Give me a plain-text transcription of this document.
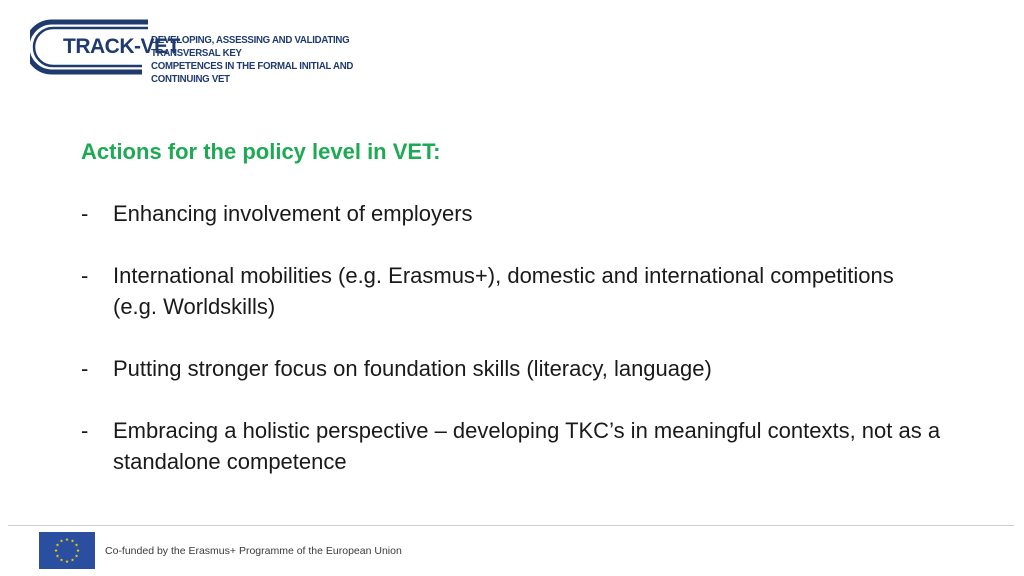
TRACK-VET
DEVELOPING, ASSESSING AND VALIDATING TRANSVERSAL KEY
COMPETENCES IN THE FORMAL INITIAL AND CONTINUING VET
Actions for the policy level in VET:
- Enhancing involvement of employers
- International mobilities (e.g. Erasmus+), domestic and international competitions (e.g. Worldskills)
- Putting stronger focus on foundation skills (literacy, language)
- Embracing a holistic perspective – developing TKC’s in meaningful contexts, not as a standalone competence
Co-funded by the Erasmus+ Programme of the European Union
